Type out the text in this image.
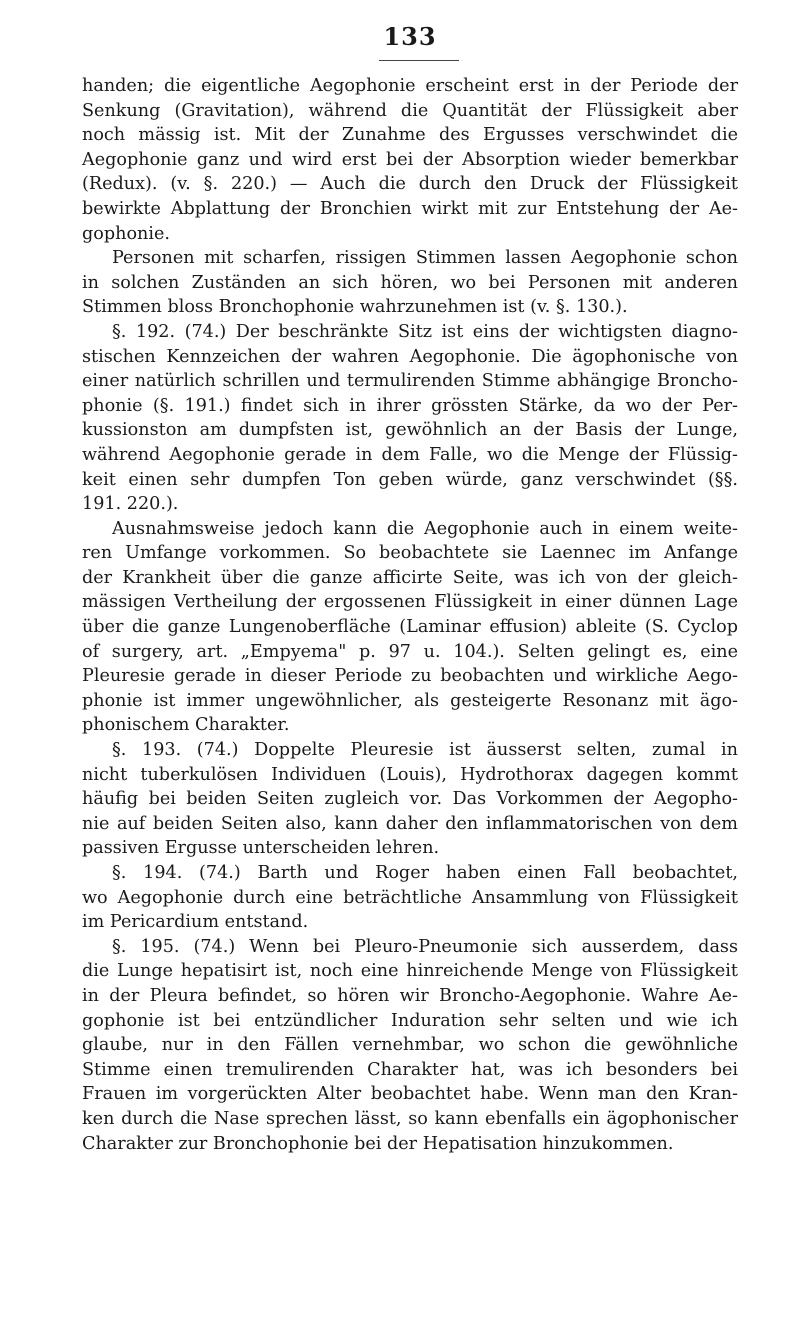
133
handen; die eigentliche Aegophonie erscheint erst in der Periode der
Senkung (Gravitation), während die Quantität der Flüssigkeit aber
noch mässig ist. Mit der Zunahme des Ergusses verschwindet die
Aegophonie ganz und wird erst bei der Absorption wieder bemerkbar
(Redux). (v. §. 220.) — Auch die durch den Druck der Flüssigkeit
bewirkte Abplattung der Bronchien wirkt mit zur Entstehung der Ae-
gophonie.
Personen mit scharfen, rissigen Stimmen lassen Aegophonie schon
in solchen Zuständen an sich hören, wo bei Personen mit anderen
Stimmen bloss Bronchophonie wahrzunehmen ist (v. §. 130.).
§. 192. (74.) Der beschränkte Sitz ist eins der wichtigsten diagno-
stischen Kennzeichen der wahren Aegophonie. Die ägophonische von
einer natürlich schrillen und termulirenden Stimme abhängige Broncho-
phonie (§. 191.) findet sich in ihrer grössten Stärke, da wo der Per-
kussionston am dumpfsten ist, gewöhnlich an der Basis der Lunge,
während Aegophonie gerade in dem Falle, wo die Menge der Flüssig-
keit einen sehr dumpfen Ton geben würde, ganz verschwindet (§§.
191. 220.).
Ausnahmsweise jedoch kann die Aegophonie auch in einem weite-
ren Umfange vorkommen. So beobachtete sie Laennec im Anfange
der Krankheit über die ganze afficirte Seite, was ich von der gleich-
mässigen Vertheilung der ergossenen Flüssigkeit in einer dünnen Lage
über die ganze Lungenoberfläche (Laminar effusion) ableite (S. Cyclop
of surgery, art. „Empyema" p. 97 u. 104.). Selten gelingt es, eine
Pleuresie gerade in dieser Periode zu beobachten und wirkliche Aego-
phonie ist immer ungewöhnlicher, als gesteigerte Resonanz mit ägo-
phonischem Charakter.
§. 193. (74.) Doppelte Pleuresie ist äusserst selten, zumal in
nicht tuberkulösen Individuen (Louis), Hydrothorax dagegen kommt
häufig bei beiden Seiten zugleich vor. Das Vorkommen der Aegopho-
nie auf beiden Seiten also, kann daher den inflammatorischen von dem
passiven Ergusse unterscheiden lehren.
§. 194. (74.) Barth und Roger haben einen Fall beobachtet,
wo Aegophonie durch eine beträchtliche Ansammlung von Flüssigkeit
im Pericardium entstand.
§. 195. (74.) Wenn bei Pleuro-Pneumonie sich ausserdem, dass
die Lunge hepatisirt ist, noch eine hinreichende Menge von Flüssigkeit
in der Pleura befindet, so hören wir Broncho-Aegophonie. Wahre Ae-
gophonie ist bei entzündlicher Induration sehr selten und wie ich
glaube, nur in den Fällen vernehmbar, wo schon die gewöhnliche
Stimme einen tremulirenden Charakter hat, was ich besonders bei
Frauen im vorgerückten Alter beobachtet habe. Wenn man den Kran-
ken durch die Nase sprechen lässt, so kann ebenfalls ein ägophonischer
Charakter zur Bronchophonie bei der Hepatisation hinzukommen.
